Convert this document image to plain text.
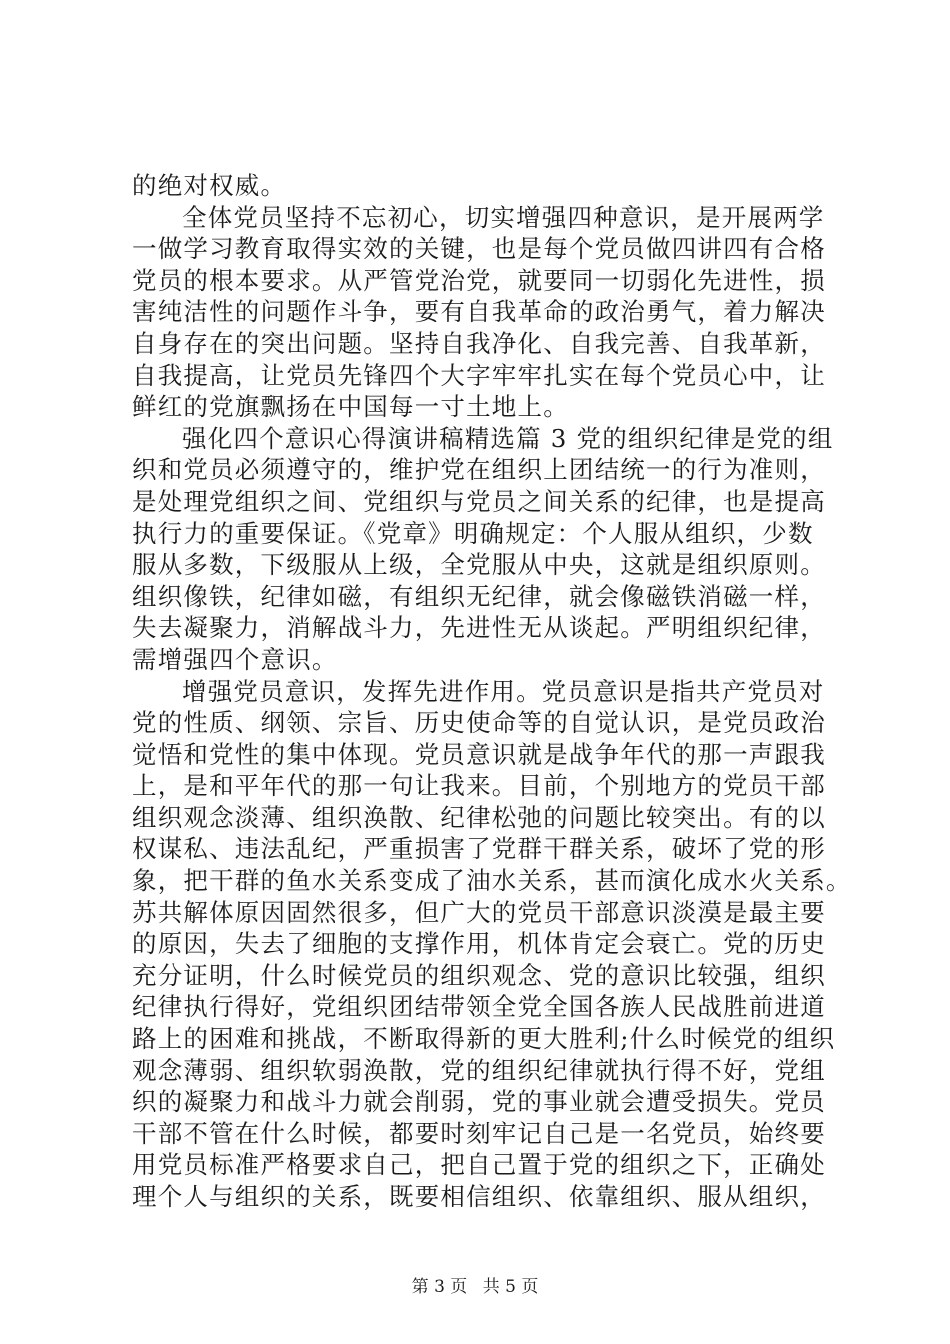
的绝对权威。
全体党员坚持不忘初心，切实增强四种意识，是开展两学
一做学习教育取得实效的关键，也是每个党员做四讲四有合格
党员的根本要求。从严管党治党，就要同一切弱化先进性，损
害纯洁性的问题作斗争，要有自我革命的政治勇气，着力解决
自身存在的突出问题。坚持自我净化、自我完善、自我革新，
自我提高，让党员先锋四个大字牢牢扎实在每个党员心中，让
鲜红的党旗飘扬在中国每一寸土地上。
强化四个意识心得演讲稿精选篇 3 党的组织纪律是党的组
织和党员必须遵守的，维护党在组织上团结统一的行为准则，
是处理党组织之间、党组织与党员之间关系的纪律，也是提高
执行力的重要保证。《党章》明确规定：个人服从组织，少数
服从多数，下级服从上级，全党服从中央，这就是组织原则。
组织像铁，纪律如磁，有组织无纪律，就会像磁铁消磁一样，
失去凝聚力，消解战斗力，先进性无从谈起。严明组织纪律，
需增强四个意识。
增强党员意识，发挥先进作用。党员意识是指共产党员对
党的性质、纲领、宗旨、历史使命等的自觉认识，是党员政治
觉悟和党性的集中体现。党员意识就是战争年代的那一声跟我
上，是和平年代的那一句让我来。目前，个别地方的党员干部
组织观念淡薄、组织涣散、纪律松弛的问题比较突出。有的以
权谋私、违法乱纪，严重损害了党群干群关系，破坏了党的形
象，把干群的鱼水关系变成了油水关系，甚而演化成水火关系。
苏共解体原因固然很多，但广大的党员干部意识淡漠是最主要
的原因，失去了细胞的支撑作用，机体肯定会衰亡。党的历史
充分证明，什么时候党员的组织观念、党的意识比较强，组织
纪律执行得好，党组织团结带领全党全国各族人民战胜前进道
路上的困难和挑战，不断取得新的更大胜利;什么时候党的组织
观念薄弱、组织软弱涣散，党的组织纪律就执行得不好，党组
织的凝聚力和战斗力就会削弱，党的事业就会遭受损失。党员
干部不管在什么时候，都要时刻牢记自己是一名党员，始终要
用党员标准严格要求自己，把自己置于党的组织之下，正确处
理个人与组织的关系，既要相信组织、依靠组织、服从组织，
第 3 页 共 5 页
